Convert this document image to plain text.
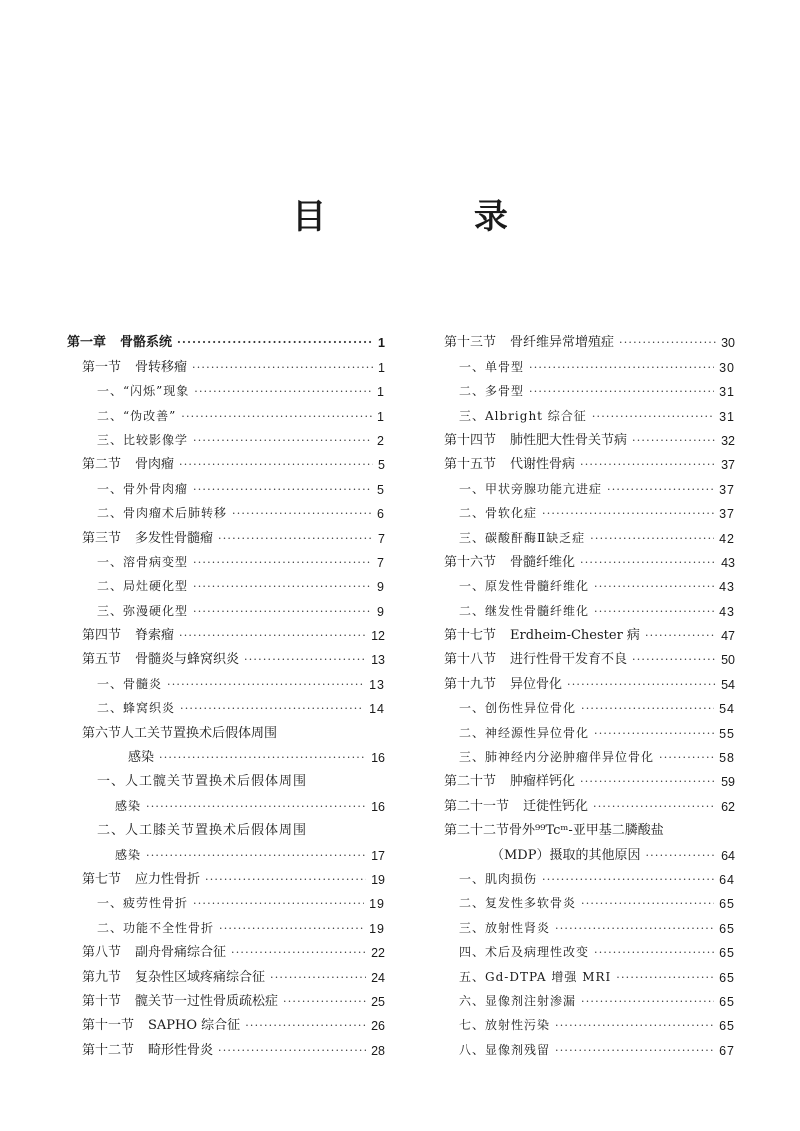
目 录
第一章 骨骼系统 ·····	1
第一节 骨转移瘤 ·····	1
一、“闪烁”现象 ·····	1
二、“伪改善” ·····	1
三、比较影像学 ·····	2
第二节 骨肉瘤 ·····	5
一、骨外骨肉瘤 ·····	5
二、骨肉瘤术后肺转移 ·····	6
第三节 多发性骨髓瘤 ·····	7
一、溶骨病变型 ·····	7
二、局灶硬化型 ·····	9
三、弥漫硬化型 ·····	9
第四节 脊索瘤 ·····	12
第五节 骨髓炎与蜂窝织炎 ·····	13
一、骨髓炎 ·····	13
二、蜂窝织炎 ·····	14
第六节人工关节置换术后假体周围
感染 ·····	16
一、人工髋关节置换术后假体周围
感染 ·····	16
二、人工膝关节置换术后假体周围
感染 ·····	17
第七节 应力性骨折 ·····	19
一、疲劳性骨折 ·····	19
二、功能不全性骨折 ·····	19
第八节 副舟骨痛综合征 ·····	22
第九节 复杂性区域疼痛综合征 ·····	24
第十节 髋关节一过性骨质疏松症 ·····	25
第十一节 SAPHO 综合征 ·····	26
第十二节 畸形性骨炎 ·····	28
第十三节 骨纤维异常增殖症 ·····	30
一、单骨型 ·····	30
二、多骨型 ·····	31
三、Albright 综合征 ·····	31
第十四节 肺性肥大性骨关节病 ·····	32
第十五节 代谢性骨病 ·····	37
一、甲状旁腺功能亢进症 ·····	37
二、骨软化症 ·····	37
三、碳酸酐酶Ⅱ缺乏症 ·····	42
第十六节 骨髓纤维化 ·····	43
一、原发性骨髓纤维化 ·····	43
二、继发性骨髓纤维化 ·····	43
第十七节 Erdheim-Chester 病 ·····	47
第十八节 进行性骨干发育不良 ·····	50
第十九节 异位骨化 ·····	54
一、创伤性异位骨化 ·····	54
二、神经源性异位骨化 ·····	55
三、肺神经内分泌肿瘤伴异位骨化 ·····	58
第二十节 肿瘤样钙化 ·····	59
第二十一节 迁徙性钙化 ·····	62
第二十二节骨外⁹⁹Tcᵐ-亚甲基二膦酸盐
（MDP）摄取的其他原因 ·····	64
一、肌肉损伤 ·····	64
二、复发性多软骨炎 ·····	65
三、放射性肾炎 ·····	65
四、术后及病理性改变 ·····	65
五、Gd-DTPA 增强 MRI ·····	65
六、显像剂注射渗漏 ·····	65
七、放射性污染 ·····	65
八、显像剂残留 ·····	67
